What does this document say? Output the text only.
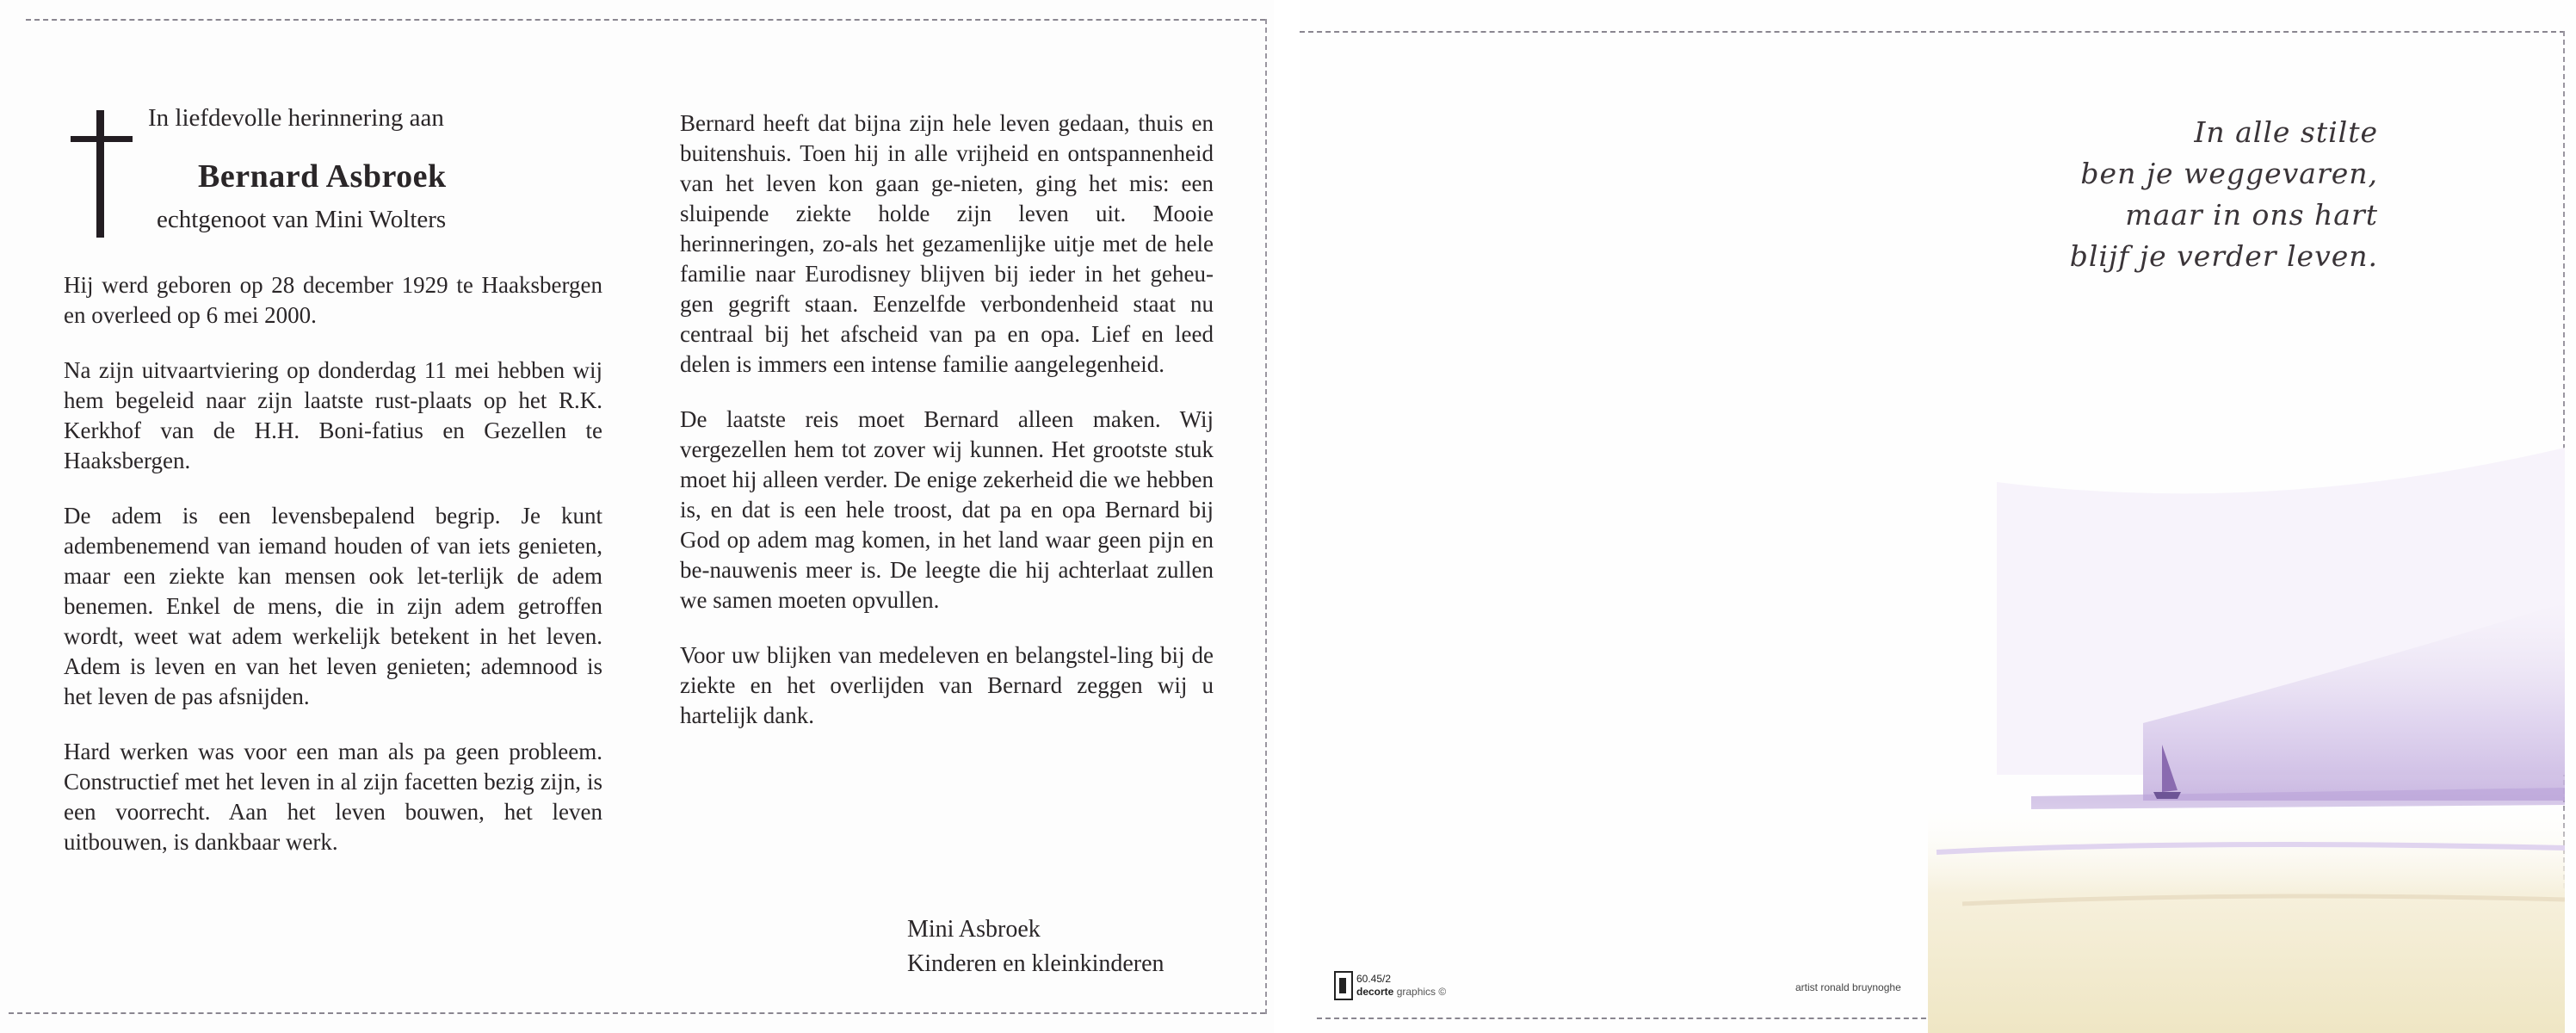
In liefdevolle herinnering aan
Bernard Asbroek
echtgenoot van Mini Wolters

Hij werd geboren op 28 december 1929 te Haaksbergen en overleed op 6 mei 2000.

Na zijn uitvaartviering op donderdag 11 mei hebben wij hem begeleid naar zijn laatste rust-plaats op het R.K. Kerkhof van de H.H. Boni-fatius en Gezellen te Haaksbergen.

De adem is een levensbepalend begrip. Je kunt adembenemend van iemand houden of van iets genieten, maar een ziekte kan mensen ook let-terlijk de adem benemen. Enkel de mens, die in zijn adem getroffen wordt, weet wat adem werkelijk betekent in het leven. Adem is leven en van het leven genieten; ademnood is het leven de pas afsnijden.

Hard werken was voor een man als pa geen probleem. Constructief met het leven in al zijn facetten bezig zijn, is een voorrecht. Aan het leven bouwen, het leven uitbouwen, is dankbaar werk.

Bernard heeft dat bijna zijn hele leven gedaan, thuis en buitenshuis. Toen hij in alle vrijheid en ontspannenheid van het leven kon gaan ge-nieten, ging het mis: een sluipende ziekte holde zijn leven uit. Mooie herinneringen, zo-als het gezamenlijke uitje met de hele familie naar Eurodisney blijven bij ieder in het geheu-gen gegrift staan. Eenzelfde verbondenheid staat nu centraal bij het afscheid van pa en opa. Lief en leed delen is immers een intense familie aangelegenheid.

De laatste reis moet Bernard alleen maken. Wij vergezellen hem tot zover wij kunnen. Het grootste stuk moet hij alleen verder. De enige zekerheid die we hebben is, en dat is een hele troost, dat pa en opa Bernard bij God op adem mag komen, in het land waar geen pijn en be-nauwenis meer is. De leegte die hij achterlaat zullen we samen moeten opvullen.

Voor uw blijken van medeleven en belangstel-ling bij de ziekte en het overlijden van Bernard zeggen wij u hartelijk dank.

Mini Asbroek
Kinderen en kleinkinderen
In alle stilte
ben je weggevaren,
maar in ons hart
blijf je verder leven.
60.45/2
decorte graphics ©	artist ronald bruynoghe
